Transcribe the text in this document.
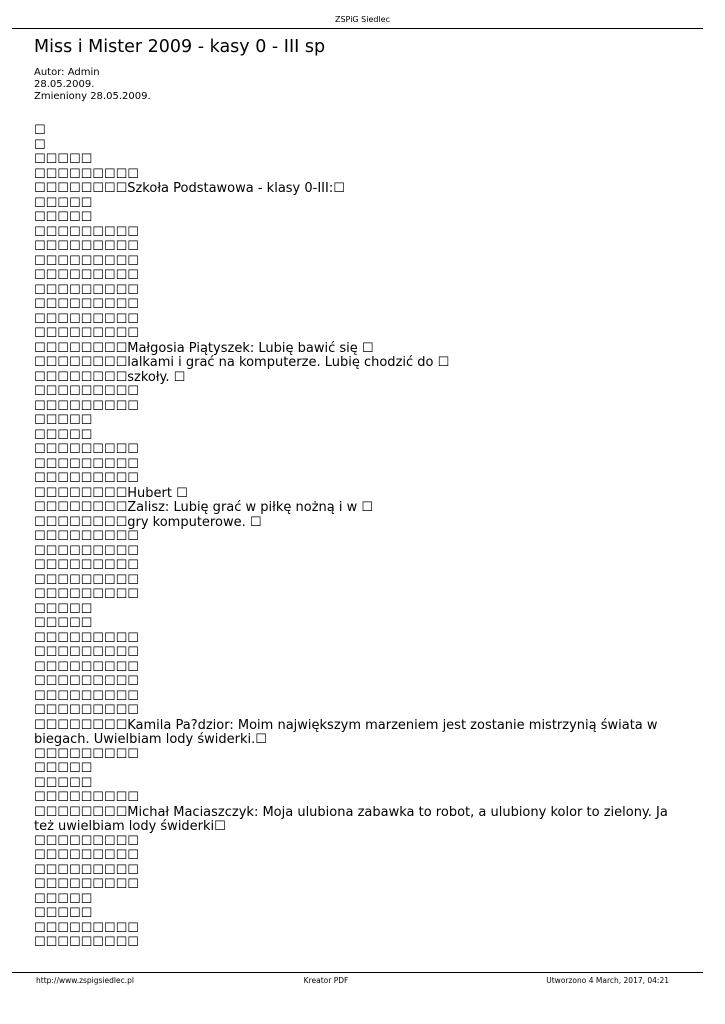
ZSPiG Siedlec
Miss i Mister 2009 - kasy 0 - III sp
Autor: Admin
28.05.2009.
Zmieniony 28.05.2009.
☐
☐
☐☐☐☐☐
☐☐☐☐☐☐☐☐☐
☐☐☐☐☐☐☐☐Szkoła Podstawowa - klasy 0-III:☐
☐☐☐☐☐
☐☐☐☐☐
☐☐☐☐☐☐☐☐☐
☐☐☐☐☐☐☐☐☐
☐☐☐☐☐☐☐☐☐
☐☐☐☐☐☐☐☐☐
☐☐☐☐☐☐☐☐☐
☐☐☐☐☐☐☐☐☐
☐☐☐☐☐☐☐☐☐
☐☐☐☐☐☐☐☐☐
☐☐☐☐☐☐☐☐Małgosia Piątyszek: Lubię bawić się ☐
☐☐☐☐☐☐☐☐lalkami i grać na komputerze. Lubię chodzić do ☐
☐☐☐☐☐☐☐☐szkoły. ☐
☐☐☐☐☐☐☐☐☐
☐☐☐☐☐☐☐☐☐
☐☐☐☐☐
☐☐☐☐☐
☐☐☐☐☐☐☐☐☐
☐☐☐☐☐☐☐☐☐
☐☐☐☐☐☐☐☐☐
☐☐☐☐☐☐☐☐Hubert ☐
☐☐☐☐☐☐☐☐Zalisz: Lubię grać w piłkę nożną i w ☐
☐☐☐☐☐☐☐☐gry komputerowe. ☐
☐☐☐☐☐☐☐☐☐
☐☐☐☐☐☐☐☐☐
☐☐☐☐☐☐☐☐☐
☐☐☐☐☐☐☐☐☐
☐☐☐☐☐☐☐☐☐
☐☐☐☐☐
☐☐☐☐☐
☐☐☐☐☐☐☐☐☐
☐☐☐☐☐☐☐☐☐
☐☐☐☐☐☐☐☐☐
☐☐☐☐☐☐☐☐☐
☐☐☐☐☐☐☐☐☐
☐☐☐☐☐☐☐☐☐
☐☐☐☐☐☐☐☐Kamila Pa?dzior: Moim największym marzeniem jest zostanie mistrzynią świata w biegach. Uwielbiam lody świderki.☐
☐☐☐☐☐☐☐☐☐
☐☐☐☐☐
☐☐☐☐☐
☐☐☐☐☐☐☐☐☐
☐☐☐☐☐☐☐☐Michał Maciaszczyk: Moja ulubiona zabawka to robot, a ulubiony kolor to zielony. Ja też uwielbiam lody świderki☐
☐☐☐☐☐☐☐☐☐
☐☐☐☐☐☐☐☐☐
☐☐☐☐☐☐☐☐☐
☐☐☐☐☐☐☐☐☐
☐☐☐☐☐
☐☐☐☐☐
☐☐☐☐☐☐☐☐☐
☐☐☐☐☐☐☐☐☐
http://www.zspigsiedlec.pl	Kreator PDF	Utworzono 4 March, 2017, 04:21
